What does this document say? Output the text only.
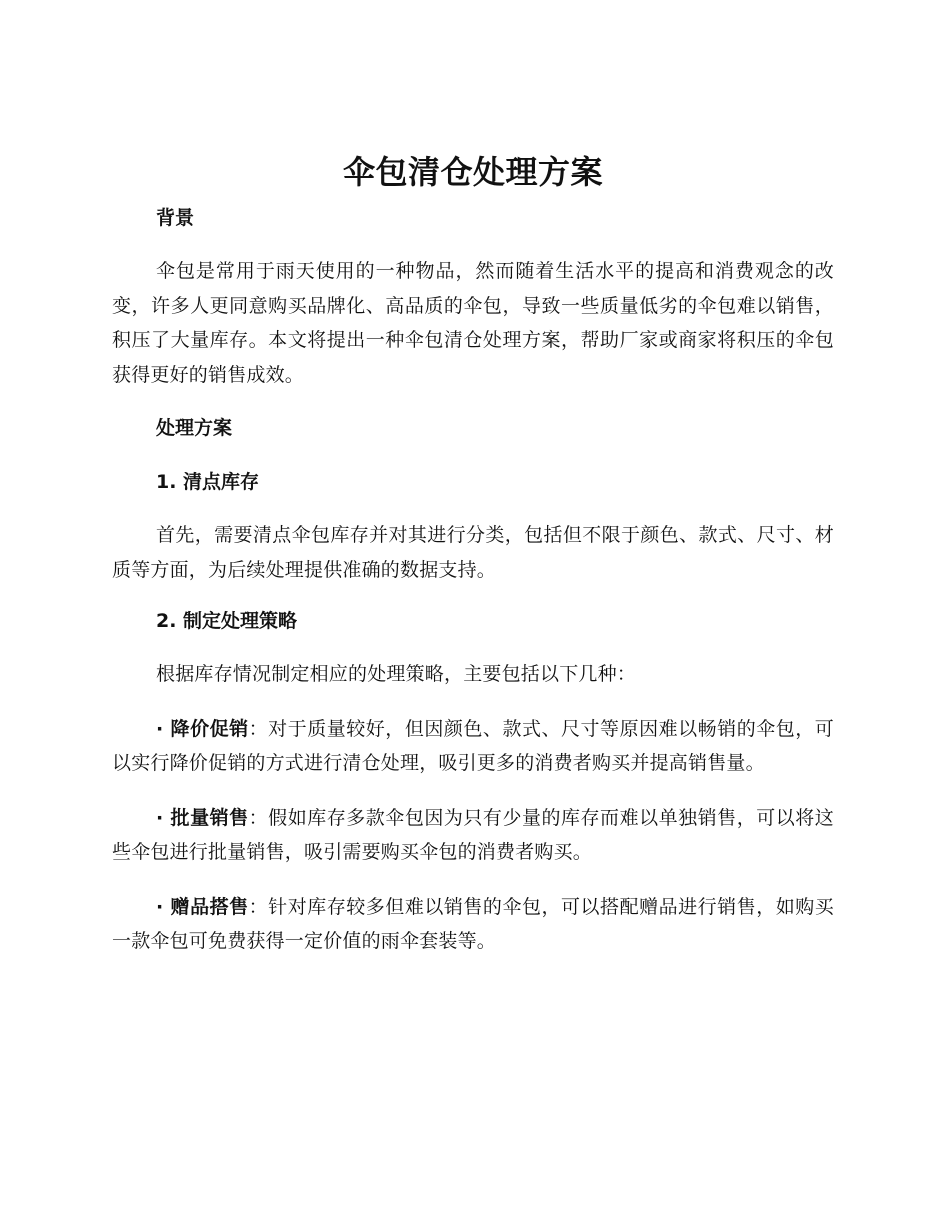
伞包清仓处理方案
背景

伞包是常用于雨天使用的一种物品，然而随着生活水平的提高和消费观念的改变，许多人更同意购买品牌化、高品质的伞包，导致一些质量低劣的伞包难以销售，积压了大量库存。本文将提出一种伞包清仓处理方案，帮助厂家或商家将积压的伞包获得更好的销售成效。

处理方案
1. 清点库存

首先，需要清点伞包库存并对其进行分类，包括但不限于颜色、款式、尺寸、材质等方面，为后续处理提供准确的数据支持。

2. 制定处理策略

根据库存情况制定相应的处理策略，主要包括以下几种：

· 降价促销：对于质量较好，但因颜色、款式、尺寸等原因难以畅销的伞包，可以实行降价促销的方式进行清仓处理，吸引更多的消费者购买并提高销售量。

· 批量销售：假如库存多款伞包因为只有少量的库存而难以单独销售，可以将这些伞包进行批量销售，吸引需要购买伞包的消费者购买。

· 赠品搭售：针对库存较多但难以销售的伞包，可以搭配赠品进行销售，如购买一款伞包可免费获得一定价值的雨伞套装等。
